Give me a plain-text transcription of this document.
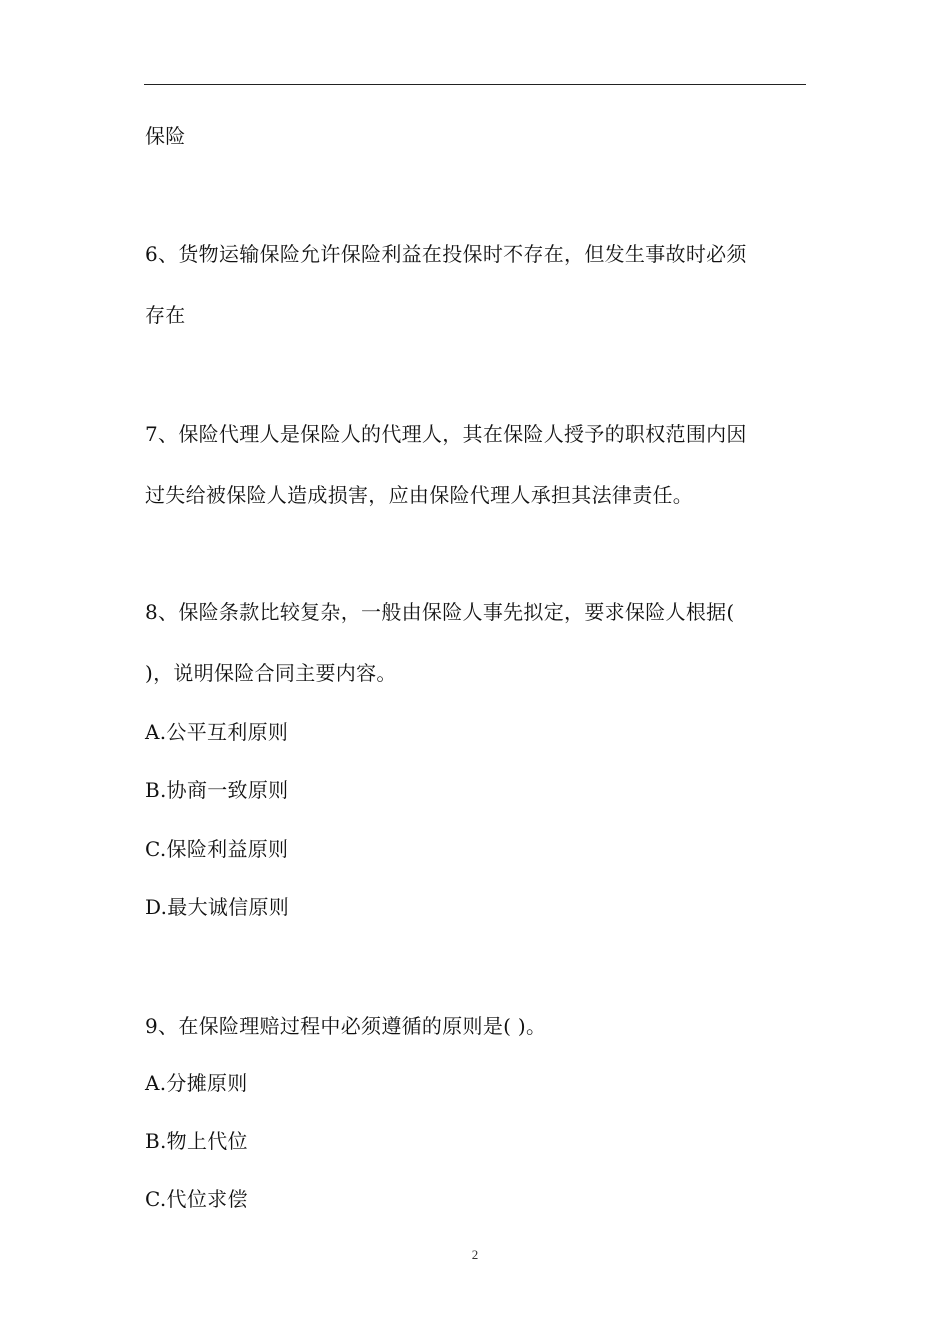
保险
6、货物运输保险允许保险利益在投保时不存在，但发生事故时必须
存在
7、保险代理人是保险人的代理人，其在保险人授予的职权范围内因
过失给被保险人造成损害，应由保险代理人承担其法律责任。
8、保险条款比较复杂，一般由保险人事先拟定，要求保险人根据(
)，说明保险合同主要内容。
A.公平互利原则
B.协商一致原则
C.保险利益原则
D.最大诚信原则
9、在保险理赔过程中必须遵循的原则是( )。
A.分摊原则
B.物上代位
C.代位求偿
2
